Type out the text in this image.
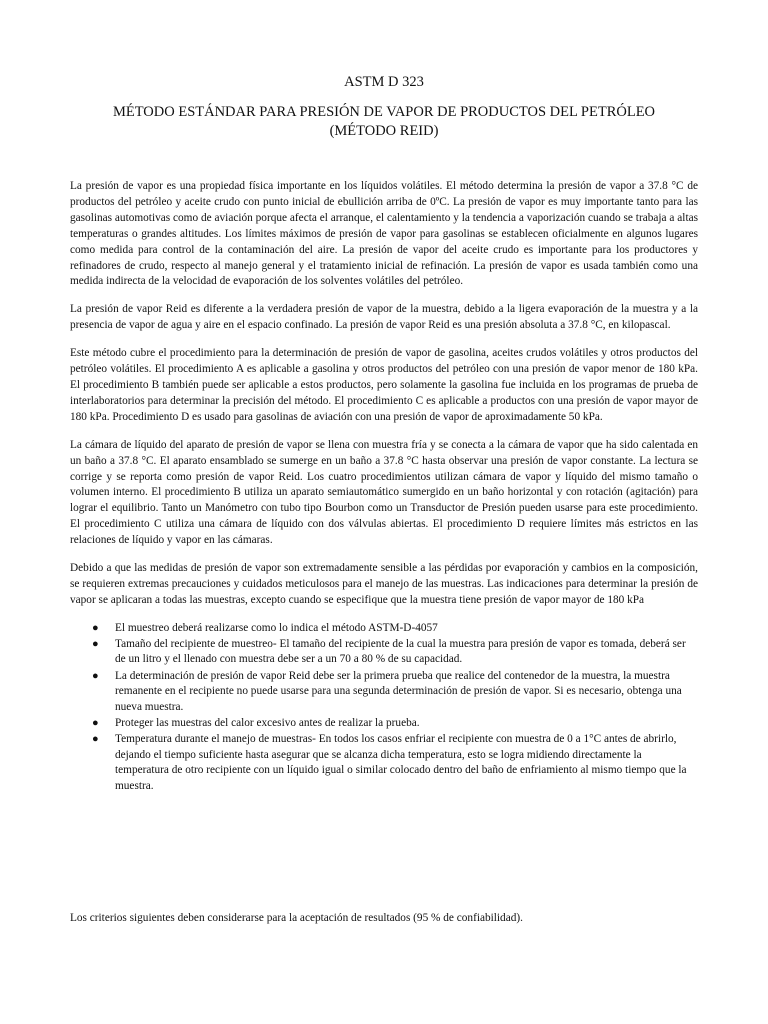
ASTM D 323
MÉTODO ESTÁNDAR PARA PRESIÓN DE VAPOR DE PRODUCTOS DEL PETRÓLEO
(MÉTODO REID)

La presión de vapor es una propiedad física importante en los líquidos volátiles. El método determina la presión de vapor a 37.8 °C de productos del petróleo y aceite crudo con punto inicial de ebullición arriba de 0ºC. La presión de vapor es muy importante tanto para las gasolinas automotivas como de aviación porque afecta el arranque, el calentamiento y la tendencia a vaporización cuando se trabaja a altas temperaturas o grandes altitudes. Los límites máximos de presión de vapor para gasolinas se establecen oficialmente en algunos lugares como medida para control de la contaminación del aire. La presión de vapor del aceite crudo es importante para los productores y refinadores de crudo, respecto al manejo general y el tratamiento inicial de refinación. La presión de vapor es usada también como una medida indirecta de la velocidad de evaporación de los solventes volátiles del petróleo.

La presión de vapor Reid es diferente a la verdadera presión de vapor de la muestra, debido a la ligera evaporación de la muestra y a la presencia de vapor de agua y aire en el espacio confinado. La presión de vapor Reid es una presión absoluta a 37.8 °C, en kilopascal.

Este método cubre el procedimiento para la determinación de presión de vapor de gasolina, aceites crudos volátiles y otros productos del petróleo volátiles. El procedimiento A es aplicable a gasolina y otros productos del petróleo con una presión de vapor menor de 180 kPa. El procedimiento B también puede ser aplicable a estos productos, pero solamente la gasolina fue incluida en los programas de prueba de interlaboratorios para determinar la precisión del método. El procedimiento C es aplicable a productos con una presión de vapor mayor de 180 kPa. Procedimiento D es usado para gasolinas de aviación con una presión de vapor de aproximadamente 50 kPa.

La cámara de líquido del aparato de presión de vapor se llena con muestra fría y se conecta a la cámara de vapor que ha sido calentada en un baño a 37.8 °C. El aparato ensamblado se sumerge en un baño a 37.8 °C hasta observar una presión de vapor constante. La lectura se corrige y se reporta como presión de vapor Reid. Los cuatro procedimientos utilizan cámara de vapor y líquido del mismo tamaño o volumen interno. El procedimiento B utiliza un aparato semiautomático sumergido en un baño horizontal y con rotación (agitación) para lograr el equilibrio. Tanto un Manómetro con tubo tipo Bourbon como un Transductor de Presión pueden usarse para este procedimiento. El procedimiento C utiliza una cámara de líquido con dos válvulas abiertas. El procedimiento D requiere límites más estrictos en las relaciones de líquido y vapor en las cámaras.

Debido a que las medidas de presión de vapor son extremadamente sensible a las pérdidas por evaporación y cambios en la composición, se requieren extremas precauciones y cuidados meticulosos para el manejo de las muestras. Las indicaciones para determinar la presión de vapor se aplicaran a todas las muestras, excepto cuando se especifique que la muestra tiene presión de vapor mayor de 180 kPa

● El muestreo deberá realizarse como lo indica el método ASTM-D-4057
● Tamaño del recipiente de muestreo- El tamaño del recipiente de la cual la muestra para presión de vapor es tomada, deberá ser de un litro y el llenado con muestra debe ser a un 70 a 80 % de su capacidad.
● La determinación de presión de vapor Reid debe ser la primera prueba que realice del contenedor de la muestra, la muestra remanente en el recipiente no puede usarse para una segunda determinación de presión de vapor. Si es necesario, obtenga una nueva muestra.
● Proteger las muestras del calor excesivo antes de realizar la prueba.
● Temperatura durante el manejo de muestras- En todos los casos enfriar el recipiente con muestra de 0 a 1°C antes de abrirlo, dejando el tiempo suficiente hasta asegurar que se alcanza dicha temperatura, esto se logra midiendo directamente la temperatura de otro recipiente con un líquido igual o similar colocado dentro del baño de enfriamiento al mismo tiempo que la muestra.

Los criterios siguientes deben considerarse para la aceptación de resultados (95 % de confiabilidad).
